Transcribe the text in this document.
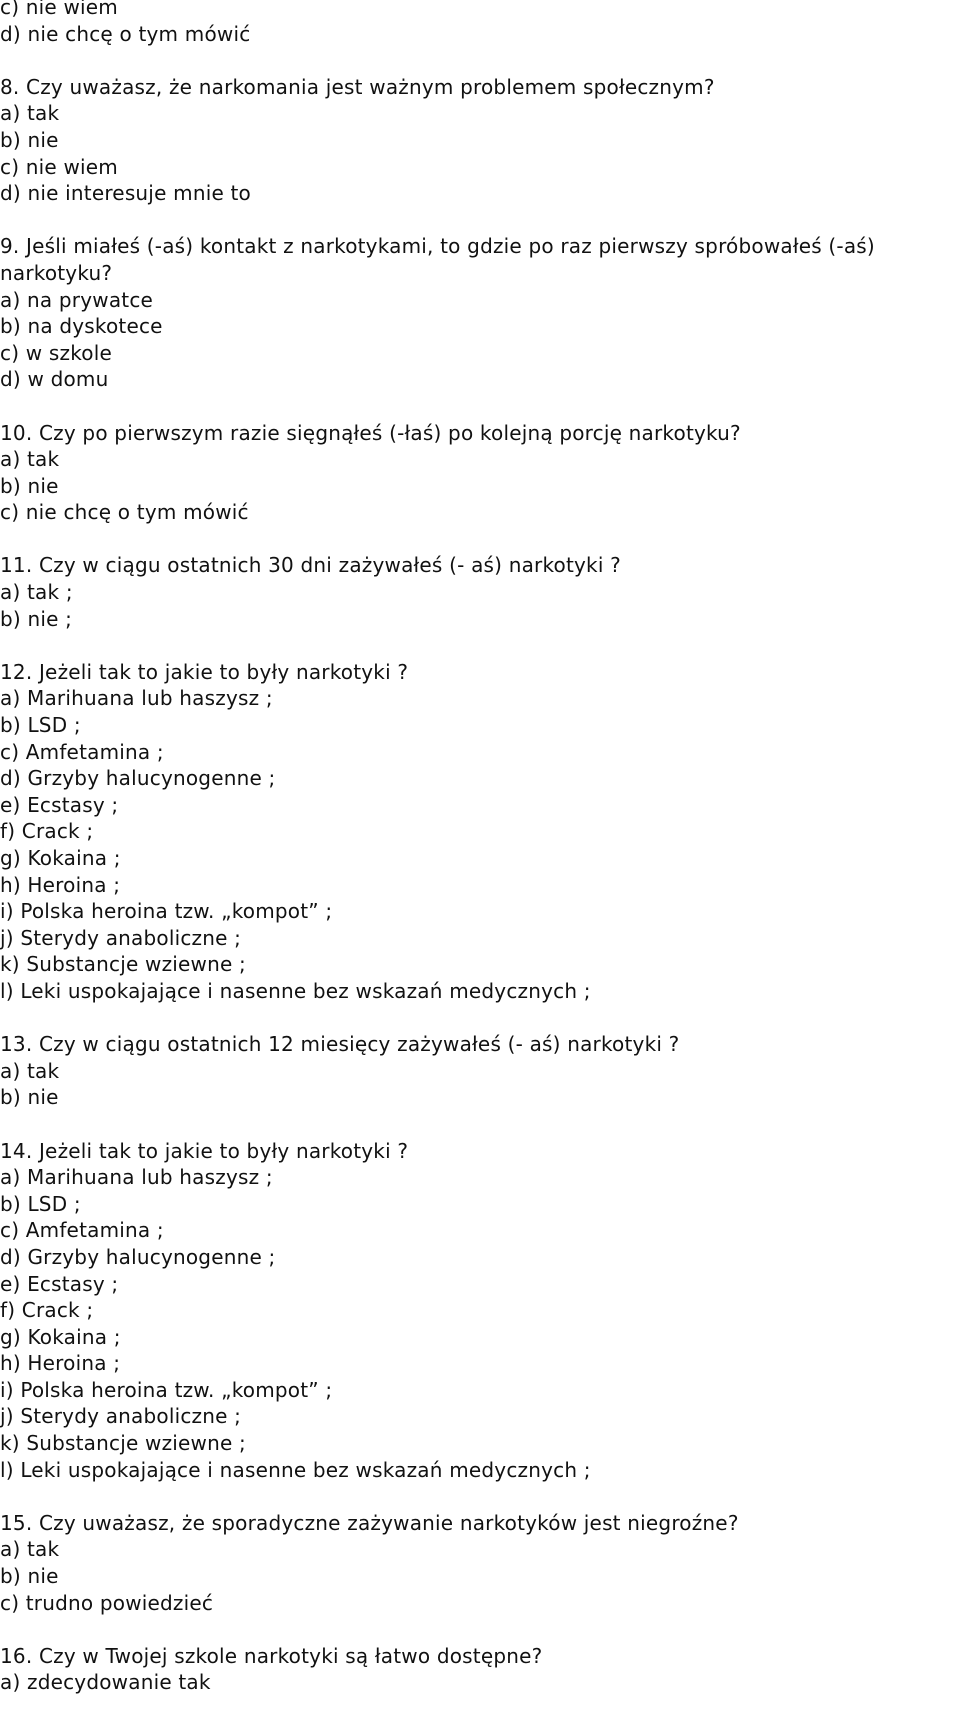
c) nie wiem
d) nie chcę o tym mówić
8. Czy uważasz, że narkomania jest ważnym problemem społecznym?
a) tak
b) nie
c) nie wiem
d) nie interesuje mnie to
9. Jeśli miałeś (-aś) kontakt z narkotykami, to gdzie po raz pierwszy spróbowałeś (-aś)
narkotyku?
a) na prywatce
b) na dyskotece
c) w szkole
d) w domu
10. Czy po pierwszym razie sięgnąłeś (-łaś) po kolejną porcję narkotyku?
a) tak
b) nie
c) nie chcę o tym mówić
11. Czy w ciągu ostatnich 30 dni zażywałeś (- aś) narkotyki ?
a) tak ;
b) nie ;
12. Jeżeli tak to jakie to były narkotyki ?
a) Marihuana lub haszysz ;
b) LSD ;
c) Amfetamina ;
d) Grzyby halucynogenne ;
e) Ecstasy ;
f) Crack ;
g) Kokaina ;
h) Heroina ;
i) Polska heroina tzw. „kompot” ;
j) Sterydy anaboliczne ;
k) Substancje wziewne ;
l) Leki uspokajające i nasenne bez wskazań medycznych ;
13. Czy w ciągu ostatnich 12 miesięcy zażywałeś (- aś) narkotyki ?
a) tak
b) nie
14. Jeżeli tak to jakie to były narkotyki ?
a) Marihuana lub haszysz ;
b) LSD ;
c) Amfetamina ;
d) Grzyby halucynogenne ;
e) Ecstasy ;
f) Crack ;
g) Kokaina ;
h) Heroina ;
i) Polska heroina tzw. „kompot” ;
j) Sterydy anaboliczne ;
k) Substancje wziewne ;
l) Leki uspokajające i nasenne bez wskazań medycznych ;
15. Czy uważasz, że sporadyczne zażywanie narkotyków jest niegroźne?
a) tak
b) nie
c) trudno powiedzieć
16. Czy w Twojej szkole narkotyki są łatwo dostępne?
a) zdecydowanie tak
